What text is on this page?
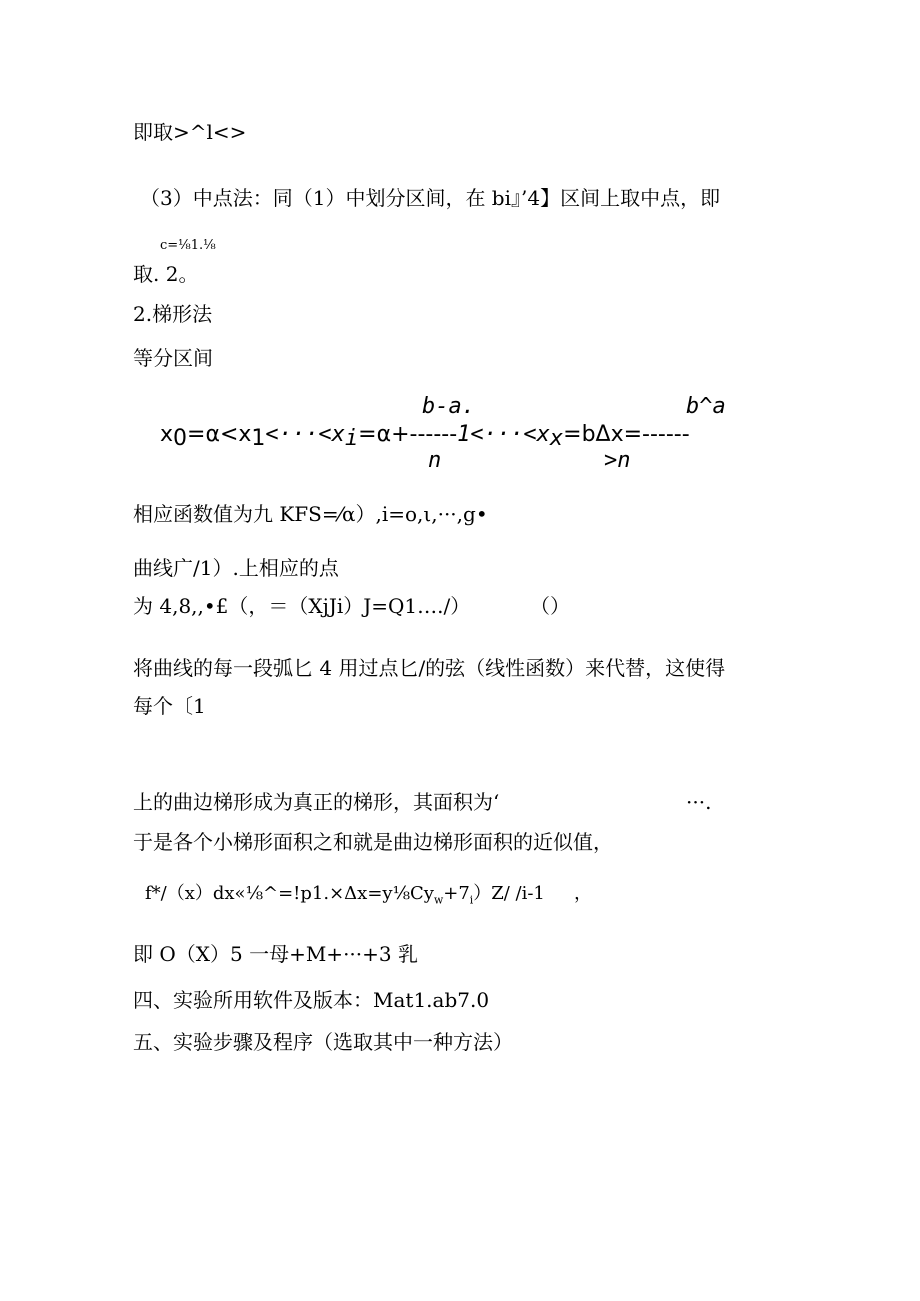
即取>^l<>

（3）中点法：同（1）中划分区间，在 bi』’4】区间上取中点，即

c=⅛1.⅛

取. 2。

2.梯形法

等分区间

b-a.	b^a
$x_0=\alpha<x_1<\cdot\cdot\cdot<x_i=\alpha+------1<\cdot\cdot\cdot<x_x=b\Delta x=------$
n	>n

相应函数值为九 KFS=⁄α）,i=o,ι,···,g•

曲线广/1）.上相应的点

为 4,8,,•£（，＝（XjJi）J=Q1…./）	（）

将曲线的每一段弧匕 4 用过点匕/的弦（线性函数）来代替，这使得

每个〔1

上的曲边梯形成为真正的梯形，其面积为‘	···.

于是各个小梯形面积之和就是曲边梯形面积的近似值，

$f*/(x)dx«\frac{1}{8}\^{}=!p1.\times\Delta x=y\frac{1}{8}Cy_w+7_i)Z/$ /i-1 ，

即 O（X）5 一母+M+···+3 乳

四、实验所用软件及版本：Mat1.ab7.0

五、实验步骤及程序（选取其中一种方法）
